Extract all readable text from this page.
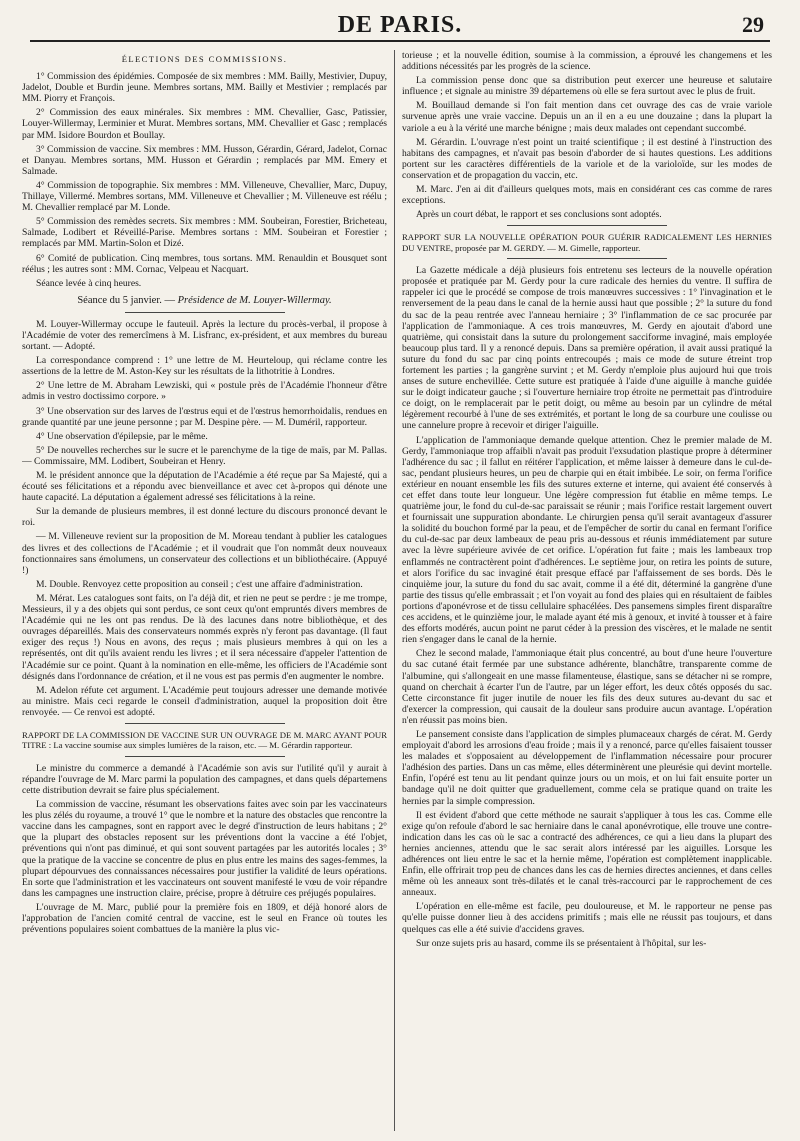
DE PARIS.	29
ÉLECTIONS DES COMMISSIONS.

1° Commission des épidémies. Composée de six membres : MM. Bailly, Mestivier, Dupuy, Jadelot, Double et Burdin jeune. Membres sortans, MM. Bailly et Mestivier ; remplacés par MM. Piorry et François.

2° Commission des eaux minérales. Six membres : MM. Chevallier, Gasc, Patissier, Louyer-Willermay, Lerminier et Murat. Membres sortans, MM. Chevallier et Gasc ; remplacés par MM. Isidore Bourdon et Boullay.

3° Commission de vaccine. Six membres : MM. Husson, Gérardin, Gérard, Jadelot, Cornac et Danyau. Membres sortans, MM. Husson et Gérardin ; remplacés par MM. Emery et Salmade.

4° Commission de topographie. Six membres : MM. Villeneuve, Chevallier, Marc, Dupuy, Thillaye, Villermé. Membres sortans, MM. Villeneuve et Chevallier ; M. Villeneuve est réélu ; M. Chevallier remplacé par M. Londe.

5° Commission des remèdes secrets. Six membres : MM. Soubeiran, Forestier, Bricheteau, Salmade, Lodibert et Réveillé-Parise. Membres sortans : MM. Soubeiran et Forestier ; remplacés par MM. Martin-Solon et Dizé.

6° Comité de publication. Cinq membres, tous sortans. MM. Renauldin et Bousquet sont réélus ; les autres sont : MM. Cornac, Velpeau et Nacquart.

Séance levée à cinq heures.

Séance du 5 janvier. — Présidence de M. Louyer-Willermay.

M. Louyer-Willermay occupe le fauteuil. Après la lecture du procès-verbal, il propose à l'Académie de voter des remercîmens à M. Lisfranc, ex-président, et aux membres du bureau sortant. — Adopté.

La correspondance comprend : 1° une lettre de M. Heurteloup, qui réclame contre les assertions de la lettre de M. Aston-Key sur les résultats de la lithotritie à Londres.

2° Une lettre de M. Abraham Lewziski, qui « postule près de l'Académie l'honneur d'être admis in vestro doctissimo corpore. »

3° Une observation sur des larves de l'œstrus equi et de l'œstrus hemorrhoidalis, rendues en grande quantité par une jeune personne ; par M. Despine père. — M. Duméril, rapporteur.

4° Une observation d'épilepsie, par le même.

5° De nouvelles recherches sur le sucre et le parenchyme de la tige de maïs, par M. Pallas. — Commissaire, MM. Lodibert, Soubeiran et Henry.

M. le président annonce que la députation de l'Académie a été reçue par Sa Majesté, qui a écouté ses félicitations et a répondu avec bienveillance et avec cet à-propos qui dénote une haute capacité. La députation a également adressé ses félicitations à la reine.

Sur la demande de plusieurs membres, il est donné lecture du discours prononcé devant le roi.

— M. Villeneuve revient sur la proposition de M. Moreau tendant à publier les catalogues des livres et des collections de l'Académie ; et il voudrait que l'on nommât deux nouveaux fonctionnaires sans émolumens, un conservateur des collections et un bibliothécaire. (Appuyé !)

M. Double. Renvoyez cette proposition au conseil ; c'est une affaire d'administration.

M. Mérat. Les catalogues sont faits, on l'a déjà dit, et rien ne peut se perdre : je me trompe, Messieurs, il y a des objets qui sont perdus, ce sont ceux qu'ont empruntés divers membres de l'Académie qui ne les ont pas rendus. De là des lacunes dans notre bibliothèque, et des ouvrages dépareillés. Mais des conservateurs nommés exprès n'y feront pas davantage. (Il faut exiger des reçus !) Nous en avons, des reçus ; mais plusieurs membres à qui on les a représentés, ont dit qu'ils avaient rendu les livres ; et il sera nécessaire d'appeler l'attention de l'Académie sur ce point. Quant à la nomination en elle-même, les officiers de l'Académie sont désignés dans l'ordonnance de création, et il ne vous est pas permis d'en augmenter le nombre.

M. Adelon réfute cet argument. L'Académie peut toujours adresser une demande motivée au ministre. Mais ceci regarde le conseil d'administration, auquel la proposition doit être renvoyée. — Ce renvoi est adopté.

RAPPORT DE LA COMMISSION DE VACCINE SUR UN OUVRAGE DE M. MARC AYANT POUR TITRE : La vaccine soumise aux simples lumières de la raison, etc. — M. Gérardin rapporteur.

Le ministre du commerce a demandé à l'Académie son avis sur l'utilité qu'il y aurait à répandre l'ouvrage de M. Marc parmi la population des campagnes, et dans quels départemens cette distribution devrait se faire plus spécialement.

La commission de vaccine, résumant les observations faites avec soin par les vaccinateurs les plus zélés du royaume, a trouvé 1° que le nombre et la nature des obstacles que rencontre la vaccine dans les campagnes, sont en rapport avec le degré d'instruction de leurs habitans ; 2° que la plupart des obstacles reposent sur les préventions dont la vaccine a été l'objet, préventions qui n'ont pas diminué, et qui sont souvent partagées par les autorités locales ; 3° que la pratique de la vaccine se concentre de plus en plus entre les mains des sages-femmes, la plupart dépourvues des connaissances nécessaires pour justifier la validité de leurs opérations. En sorte que l'administration et les vaccinateurs ont souvent manifesté le vœu de voir répandre dans les campagnes une instruction claire, précise, propre à détruire ces préjugés populaires.

L'ouvrage de M. Marc, publié pour la première fois en 1809, et déjà honoré alors de l'approbation de l'ancien comité central de vaccine, est le seul en France où toutes les préventions populaires soient combattues de la manière la plus vic-

torieuse ; et la nouvelle édition, soumise à la commission, a éprouvé les changemens et les additions nécessités par les progrès de la science.

La commission pense donc que sa distribution peut exercer une heureuse et salutaire influence ; et signale au ministre 39 départemens où elle se fera surtout avec le plus de fruit.

M. Bouillaud demande si l'on fait mention dans cet ouvrage des cas de vraie variole survenue après une vraie vaccine. Depuis un an il en a eu une douzaine ; dans la plupart la variole a eu à la vérité une marche bénigne ; mais deux malades ont cependant succombé.

M. Gérardin. L'ouvrage n'est point un traité scientifique ; il est destiné à l'instruction des habitans des campagnes, et n'avait pas besoin d'aborder de si hautes questions. Les additions portent sur les caractères différentiels de la variole et de la varioloïde, sur les modes de conservation et de propagation du vaccin, etc.

M. Marc. J'en ai dit d'ailleurs quelques mots, mais en considérant ces cas comme de rares exceptions.

Après un court débat, le rapport et ses conclusions sont adoptés.

RAPPORT SUR LA NOUVELLE OPÉRATION POUR GUÉRIR RADICALEMENT LES HERNIES DU VENTRE, proposée par M. GERDY. — M. Gimelle, rapporteur.

La Gazette médicale a déjà plusieurs fois entretenu ses lecteurs de la nouvelle opération proposée et pratiquée par M. Gerdy pour la cure radicale des hernies du ventre. Il suffira de rappeler ici que le procédé se compose de trois manœuvres successives : 1° l'invagination et le renversement de la peau dans le canal de la hernie aussi haut que possible ; 2° la suture du fond du sac de la peau rentrée avec l'anneau herniaire ; 3° l'inflammation de ce sac procurée par l'application de l'ammoniaque. A ces trois manœuvres, M. Gerdy en ajoutait d'abord une quatrième, qui consistait dans la suture du prolongement sacciforme invaginé, mais employée beaucoup plus tard. Il y a renoncé depuis. Dans sa première opération, il avait aussi pratiqué la suture du fond du sac par cinq points entrecoupés ; mais ce mode de suture étreint trop fortement les parties ; la gangrène survint ; et M. Gerdy n'emploie plus aujourd hui que trois anses de suture enchevillée. Cette suture est pratiquée à l'aide d'une aiguille à manche guidée sur le doigt indicateur gauche ; si l'ouverture herniaire trop étroite ne permettait pas d'introduire ce doigt, on le remplacerait par le petit doigt, ou même au besoin par un cylindre de métal légèrement recourbé à l'une de ses extrémités, et portant le long de sa courbure une coulisse ou une cannelure propre à recevoir et diriger l'aiguille.

L'application de l'ammoniaque demande quelque attention. Chez le premier malade de M. Gerdy, l'ammoniaque trop affaibli n'avait pas produit l'exsudation plastique propre à déterminer l'adhérence du sac ; il fallut en réitérer l'application, et même laisser à demeure dans le cul-de-sac, pendant plusieurs heures, un peu de charpie qui en était imbibée. Le soir, on ferma l'orifice extérieur en nouant ensemble les fils des sutures externe et interne, qui avaient été conservés à cet effet dans toute leur longueur. Une légère compression fut établie en même temps. Le quatrième jour, le fond du cul-de-sac paraissait se réunir ; mais l'orifice restait largement ouvert et fournissait une suppuration abondante. Le chirurgien pensa qu'il serait avantageux d'assurer la solidité du bouchon formé par la peau, et de l'empêcher de sortir du canal en fermant l'orifice du cul-de-sac par deux lambeaux de peau pris au-dessous et réunis immédiatement par suture avec la lèvre supérieure avivée de cet orifice. L'opération fut faite ; mais les lambeaux trop enflammés ne contractèrent point d'adhérences. Le septième jour, on retira les points de suture, et alors l'orifice du sac invaginé était presque effacé par l'affaissement de ses bords. Dès le cinquième jour, la suture du fond du sac avait, comme il a été dit, déterminé la gangrène d'une partie des tissus qu'elle embrassait ; et l'on voyait au fond des plaies qui en résultaient de faibles portions d'aponévrose et de tissu cellulaire sphacélées. Des pansemens simples firent disparaître ces accidens, et le quinzième jour, le malade ayant été mis à genoux, et invité à tousser et à faire des efforts modérés, aucun point ne parut céder à la pression des viscères, et le malade ne sentit rien s'engager dans le canal de la hernie.

Chez le second malade, l'ammoniaque était plus concentré, au bout d'une heure l'ouverture du sac cutané était fermée par une substance adhérente, blanchâtre, transparente comme de l'albumine, qui s'allongeait en une masse filamenteuse, élastique, sans se détacher ni se rompre, quand on cherchait à écarter l'un de l'autre, par un léger effort, les deux côtés opposés du sac. Cette circonstance fit juger inutile de nouer les fils des deux sutures au-devant du sac et d'exercer la compression, qui causait de la douleur sans produire aucun avantage. L'opération n'en réussit pas moins bien.

Le pansement consiste dans l'application de simples plumaceaux chargés de cérat. M. Gerdy employait d'abord les arrosions d'eau froide ; mais il y a renoncé, parce qu'elles faisaient tousser les malades et s'opposaient au développement de l'inflammation nécessaire pour procurer l'adhésion des parties. Dans un cas même, elles déterminèrent une pleurésie qui devint mortelle. Enfin, l'opéré est tenu au lit pendant quinze jours ou un mois, et on lui fait ensuite porter un bandage qu'il ne doit quitter que graduellement, comme cela se pratique quand on traite les hernies par la simple compression.

Il est évident d'abord que cette méthode ne saurait s'appliquer à tous les cas. Comme elle exige qu'on refoule d'abord le sac herniaire dans le canal aponévrotique, elle trouve une contre-indication dans les cas où le sac a contracté des adhérences, ce qui a lieu dans la plupart des hernies anciennes, attendu que le sac serait alors intéressé par les aiguilles. Lorsque les adhérences ont lieu entre le sac et la hernie même, l'opération est complètement inapplicable. Enfin, elle offrirait trop peu de chances dans les cas de hernies directes anciennes, et dans celles même où les anneaux sont très-dilatés et le canal très-raccourci par le rapprochement de ces anneaux.

L'opération en elle-même est facile, peu douloureuse, et M. le rapporteur ne pense pas qu'elle puisse donner lieu à des accidens primitifs ; mais elle ne réussit pas toujours, et dans quelques cas elle a été suivie d'accidens graves.

Sur onze sujets pris au hasard, comme ils se présentaient à l'hôpital, sur les-
